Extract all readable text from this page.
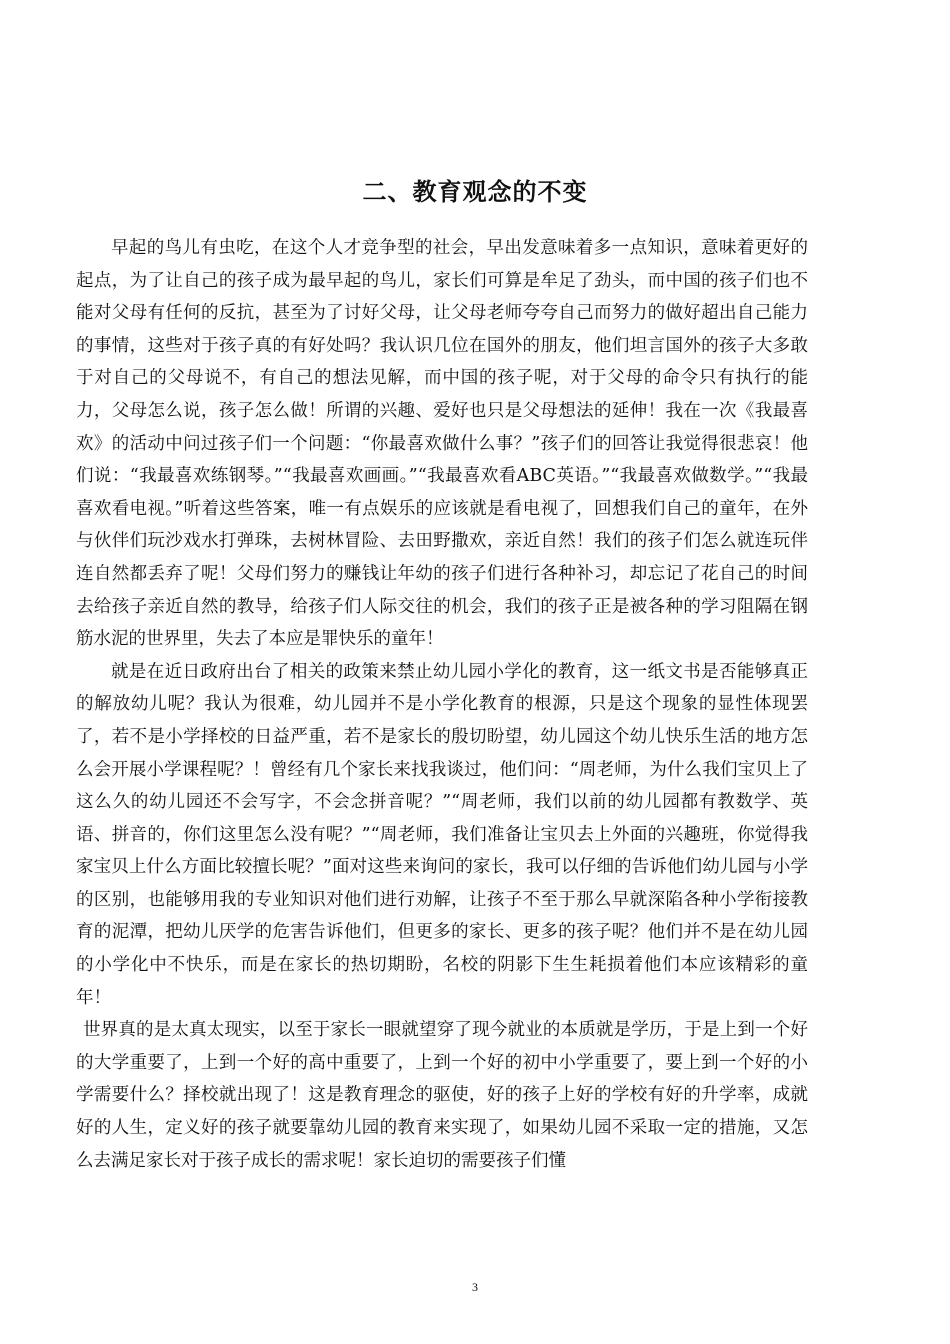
二、教育观念的不变

早起的鸟儿有虫吃，在这个人才竞争型的社会，早出发意味着多一点知识，意味着更好的起点，为了让自己的孩子成为最早起的鸟儿，家长们可算是牟足了劲头，而中国的孩子们也不能对父母有任何的反抗，甚至为了讨好父母，让父母老师夸夸自己而努力的做好超出自己能力的事情，这些对于孩子真的有好处吗？我认识几位在国外的朋友，他们坦言国外的孩子大多敢于对自己的父母说不，有自己的想法见解，而中国的孩子呢，对于父母的命令只有执行的能力，父母怎么说，孩子怎么做！所谓的兴趣、爱好也只是父母想法的延伸！我在一次《我最喜欢》的活动中问过孩子们一个问题：“你最喜欢做什么事？”孩子们的回答让我觉得很悲哀！他们说：“我最喜欢练钢琴。”“我最喜欢画画。”“我最喜欢看ABC英语。”“我最喜欢做数学。”“我最喜欢看电视。”听着这些答案，唯一有点娱乐的应该就是看电视了，回想我们自己的童年，在外与伙伴们玩沙戏水打弹珠，去树林冒险、去田野撒欢，亲近自然！我们的孩子们怎么就连玩伴连自然都丢弃了呢！父母们努力的赚钱让年幼的孩子们进行各种补习，却忘记了花自己的时间去给孩子亲近自然的教导，给孩子们人际交往的机会，我们的孩子正是被各种的学习阻隔在钢筋水泥的世界里，失去了本应是罪快乐的童年！

就是在近日政府出台了相关的政策来禁止幼儿园小学化的教育，这一纸文书是否能够真正的解放幼儿呢？我认为很难，幼儿园并不是小学化教育的根源，只是这个现象的显性体现罢了，若不是小学择校的日益严重，若不是家长的殷切盼望，幼儿园这个幼儿快乐生活的地方怎么会开展小学课程呢？！曾经有几个家长来找我谈过，他们问：“周老师，为什么我们宝贝上了这么久的幼儿园还不会写字，不会念拼音呢？”“周老师，我们以前的幼儿园都有教数学、英语、拼音的，你们这里怎么没有呢？”“周老师，我们准备让宝贝去上外面的兴趣班，你觉得我家宝贝上什么方面比较擅长呢？”面对这些来询问的家长，我可以仔细的告诉他们幼儿园与小学的区别，也能够用我的专业知识对他们进行劝解，让孩子不至于那么早就深陷各种小学衔接教育的泥潭，把幼儿厌学的危害告诉他们，但更多的家长、更多的孩子呢？他们并不是在幼儿园的小学化中不快乐，而是在家长的热切期盼，名校的阴影下生生耗损着他们本应该精彩的童年！

世界真的是太真太现实，以至于家长一眼就望穿了现今就业的本质就是学历，于是上到一个好的大学重要了，上到一个好的高中重要了，上到一个好的初中小学重要了，要上到一个好的小学需要什么？择校就出现了！这是教育理念的驱使，好的孩子上好的学校有好的升学率，成就好的人生，定义好的孩子就要靠幼儿园的教育来实现了，如果幼儿园不采取一定的措施，又怎么去满足家长对于孩子成长的需求呢！家长迫切的需要孩子们懂

3
